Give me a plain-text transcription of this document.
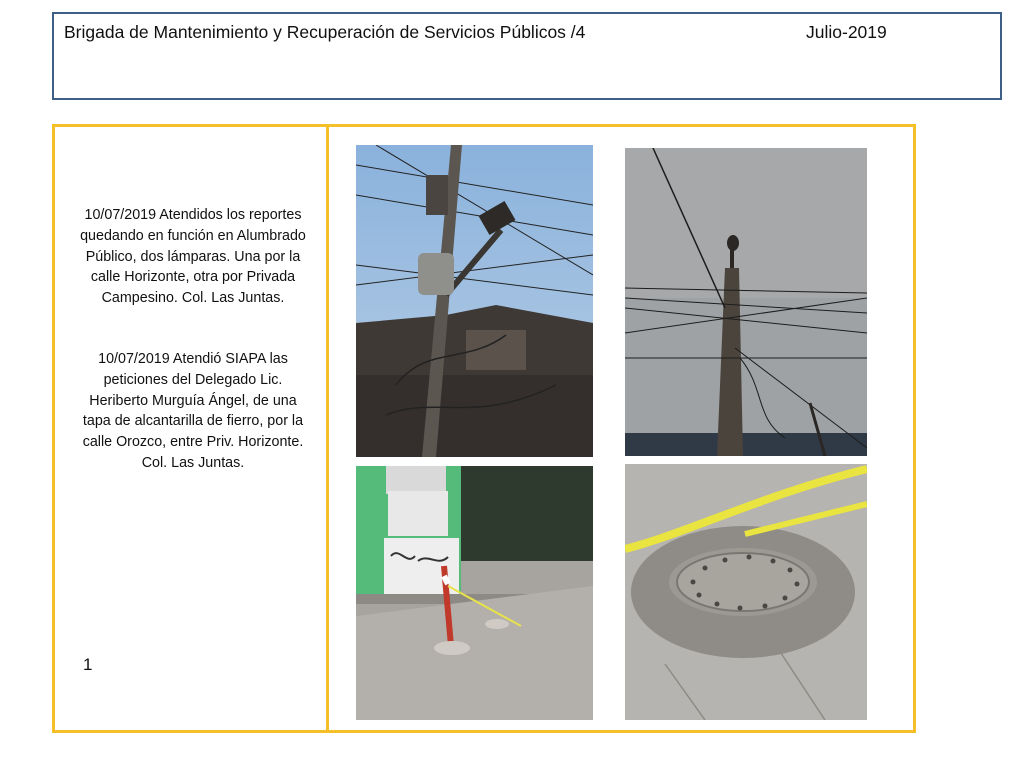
Brigada de Mantenimiento y Recuperación de Servicios Públicos /4	Julio-2019

10/07/2019 Atendidos los reportes quedando en función en Alumbrado Público, dos lámparas. Una por la calle Horizonte, otra por Privada Campesino. Col. Las Juntas.

10/07/2019 Atendió SIAPA las peticiones del Delegado Lic. Heriberto Murguía Ángel, de una tapa de alcantarilla de fierro, por la calle Orozco, entre Priv. Horizonte. Col. Las Juntas.

1
